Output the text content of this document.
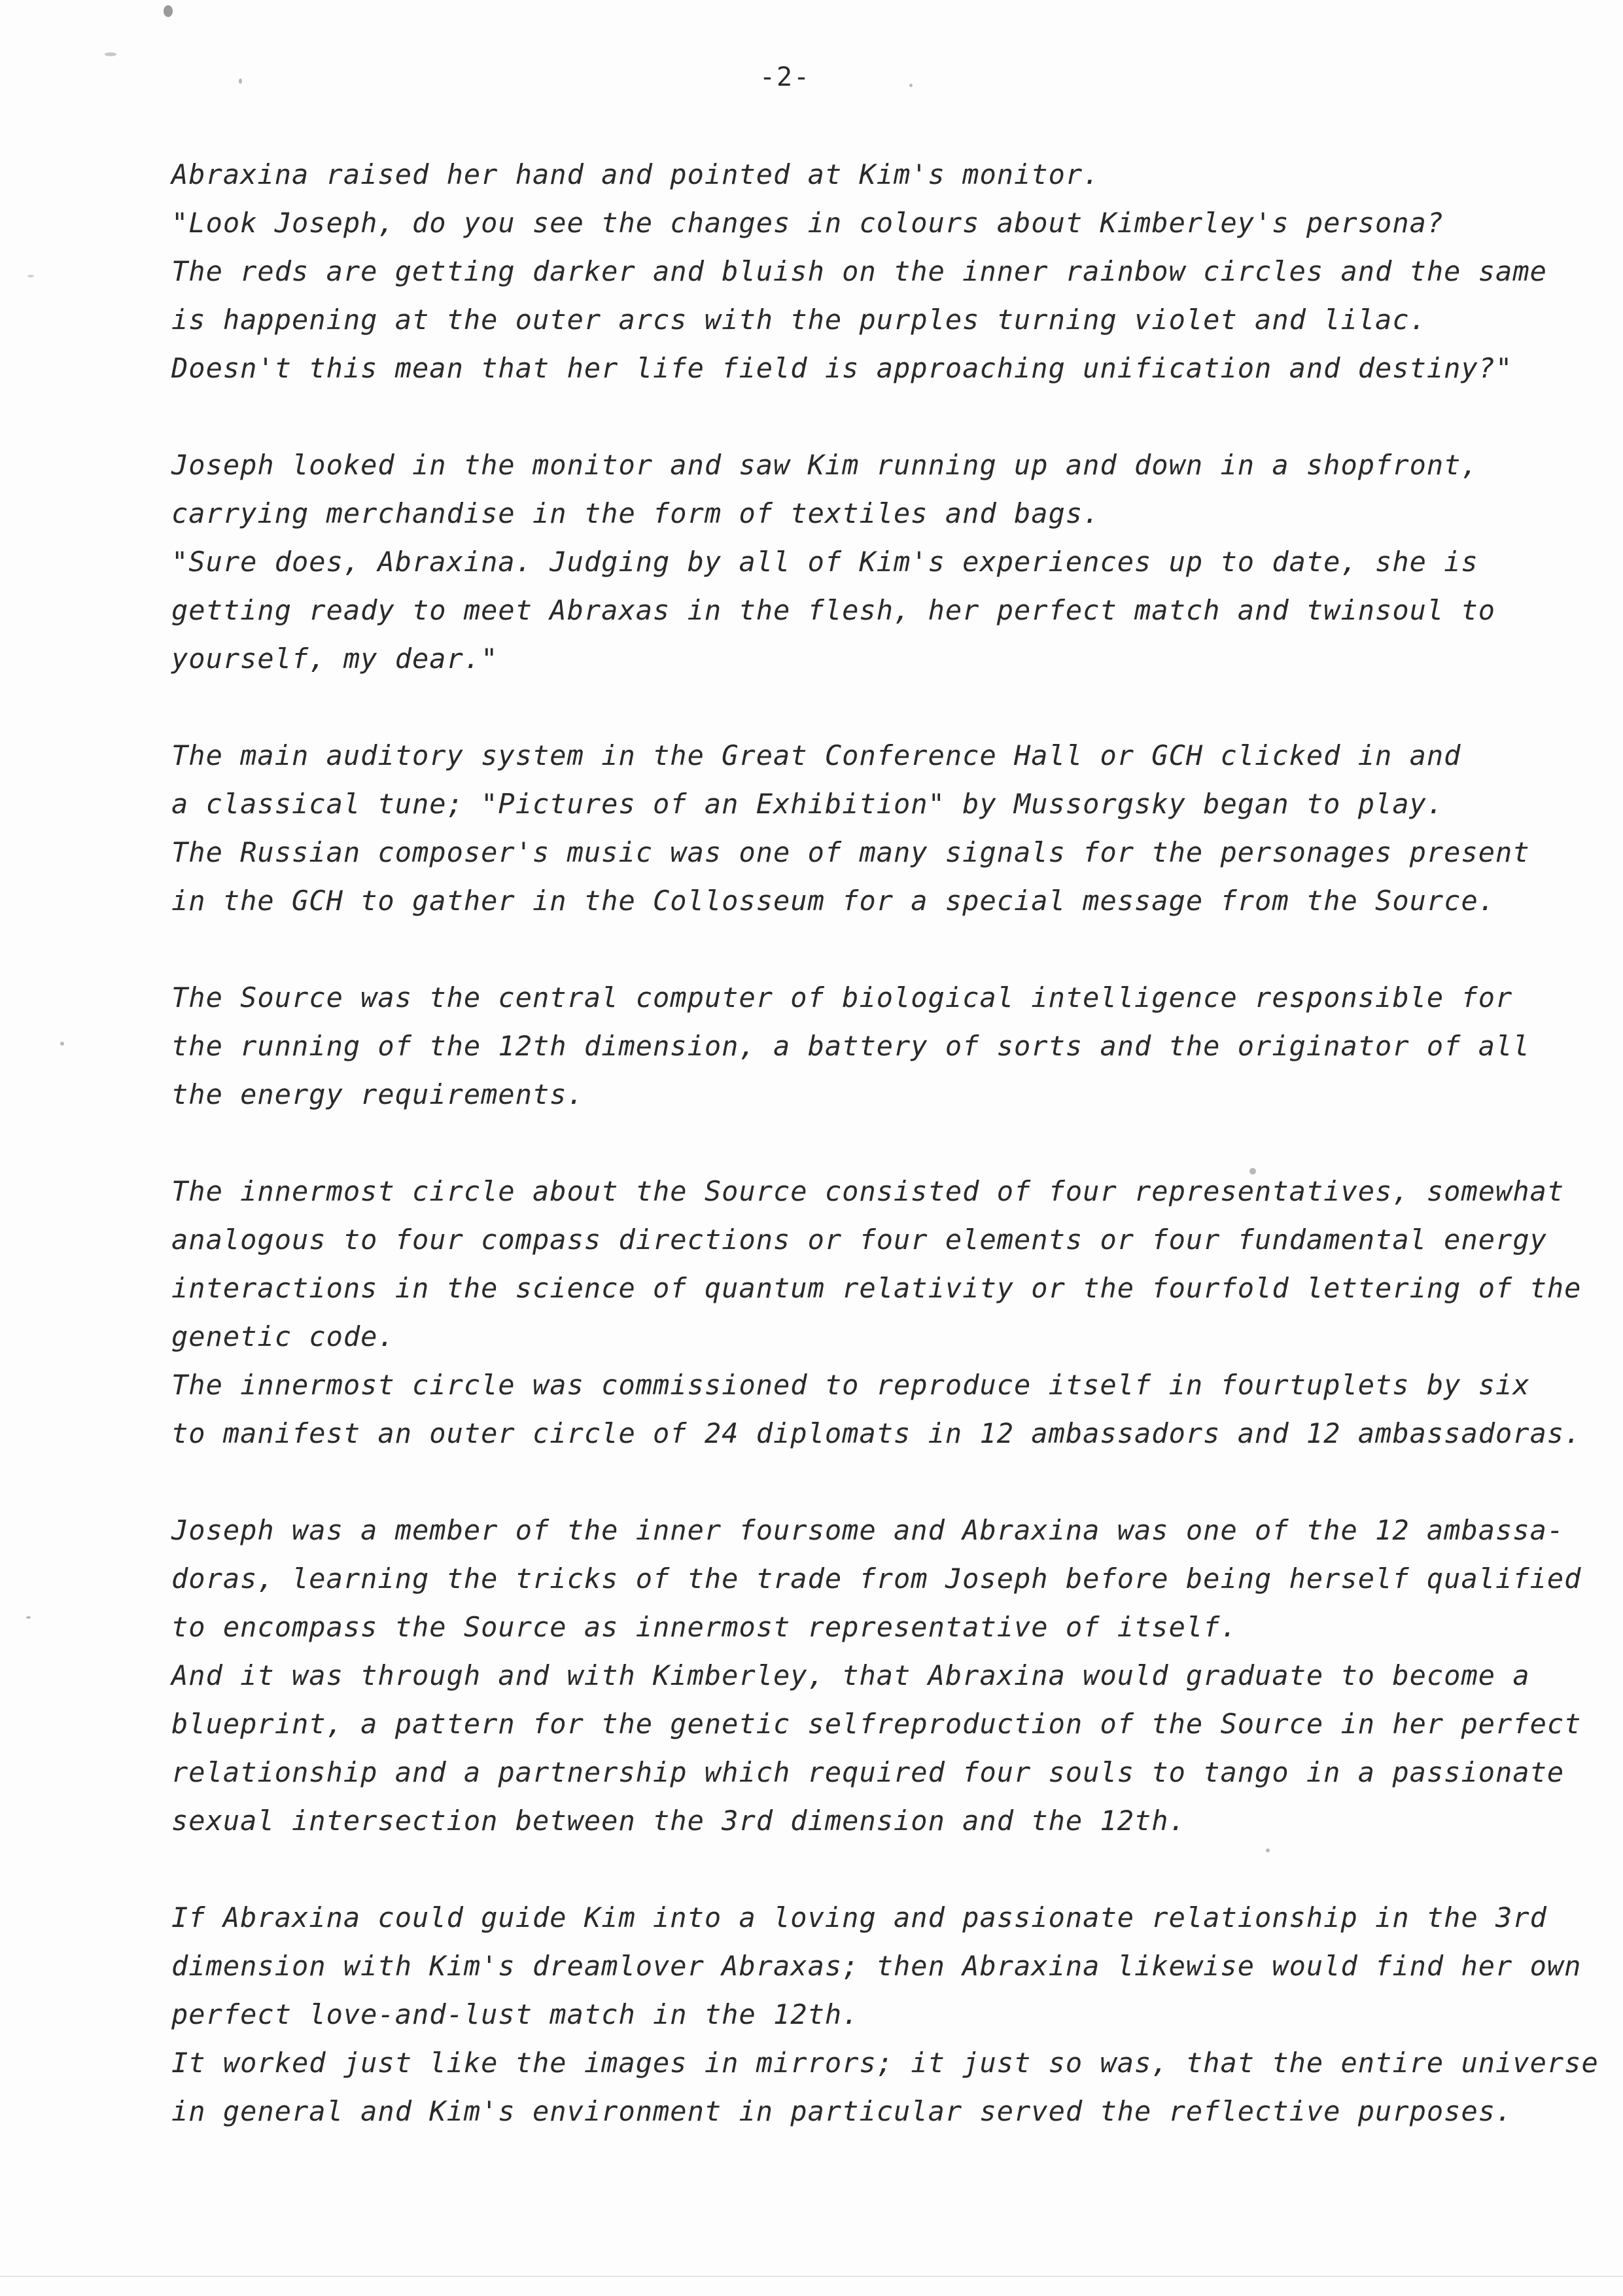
-2-
Abraxina raised her hand and pointed at Kim's monitor.
"Look Joseph, do you see the changes in colours about Kimberley's persona?
The reds are getting darker and bluish on the inner rainbow circles and the same
is happening at the outer arcs with the purples turning violet and lilac.
Doesn't this mean that her life field is approaching unification and destiny?"
Joseph looked in the monitor and saw Kim running up and down in a shopfront,
carrying merchandise in the form of textiles and bags.
"Sure does, Abraxina. Judging by all of Kim's experiences up to date, she is
getting ready to meet Abraxas in the flesh, her perfect match and twinsoul to
yourself, my dear."
The main auditory system in the Great Conference Hall or GCH clicked in and
a classical tune; "Pictures of an Exhibition" by Mussorgsky began to play.
The Russian composer's music was one of many signals for the personages present
in the GCH to gather in the Collosseum for a special message from the Source.
The Source was the central computer of biological intelligence responsible for
the running of the 12th dimension, a battery of sorts and the originator of all
the energy requirements.
The innermost circle about the Source consisted of four representatives, somewhat
analogous to four compass directions or four elements or four fundamental energy
interactions in the science of quantum relativity or the fourfold lettering of the
genetic code.
The innermost circle was commissioned to reproduce itself in fourtuplets by six
to manifest an outer circle of 24 diplomats in 12 ambassadors and 12 ambassadoras.
Joseph was a member of the inner foursome and Abraxina was one of the 12 ambassa-
doras, learning the tricks of the trade from Joseph before being herself qualified
to encompass the Source as innermost representative of itself.
And it was through and with Kimberley, that Abraxina would graduate to become a
blueprint, a pattern for the genetic selfreproduction of the Source in her perfect
relationship and a partnership which required four souls to tango in a passionate
sexual intersection between the 3rd dimension and the 12th.
If Abraxina could guide Kim into a loving and passionate relationship in the 3rd
dimension with Kim's dreamlover Abraxas; then Abraxina likewise would find her own
perfect love-and-lust match in the 12th.
It worked just like the images in mirrors; it just so was, that the entire universe
in general and Kim's environment in particular served the reflective purposes.
